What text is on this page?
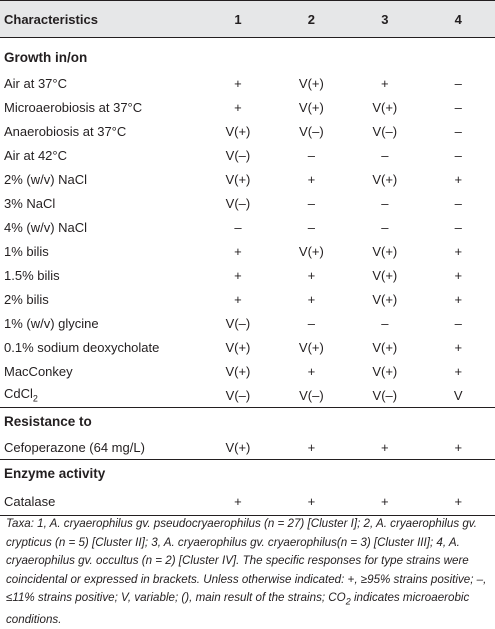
Characteristics	1	2	3	4

Growth in/on				
Air at 37°C	+	V(+)	+	–
Microaerobiosis at 37°C	+	V(+)	V(+)	–
Anaerobiosis at 37°C	V(+)	V(–)	V(–)	–
Air at 42°C	V(–)	–	–	–
2% (w/v) NaCl	V(+)	+	V(+)	+
3% NaCl	V(–)	–	–	–
4% (w/v) NaCl	–	–	–	–
1% bilis	+	V(+)	V(+)	+
1.5% bilis	+	+	V(+)	+
2% bilis	+	+	V(+)	+
1% (w/v) glycine	V(–)	–	–	–
0.1% sodium deoxycholate	V(+)	V(+)	V(+)	+
MacConkey	V(+)	+	V(+)	+
CdCl$_2$	V(–)	V(–)	V(–)	V
Resistance to				
Cefoperazone (64 mg/L)	V(+)	+	+	+
Enzyme activity				
Catalase	+	+	+	+
Taxa: 1, A. cryaerophilus gv. pseudocryaerophilus (n = 27) [Cluster I]; 2, A. cryaerophilus gv. crypticus (n = 5) [Cluster II]; 3, A. cryaerophilus gv. cryaerophilus(n = 3) [Cluster III]; 4, A. cryaerophilus gv. occultus (n = 2) [Cluster IV]. The specific responses for type strains were coincidental or expressed in brackets. Unless otherwise indicated: +, ≥95% strains positive; –, ≤11% strains positive; V, variable; (), main result of the strains; $CO_2$ indicates microaerobic conditions.
